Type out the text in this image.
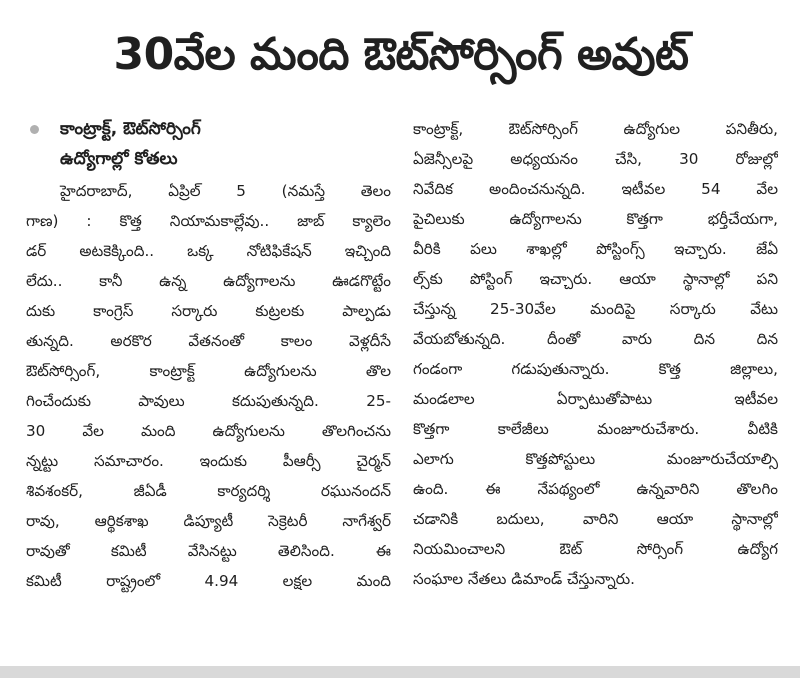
30వేల మంది ఔట్‌సోర్సింగ్ అవుట్
కాంట్రాక్ట్, ఔట్‌సోర్సింగ్
ఉద్యోగాల్లో కోతలు
హైదరాబాద్, ఏప్రిల్ 5 (నమస్తే తెలం
గాణ) : కొత్త నియామకాల్లేవు.. జాబ్ క్యాలెం
డర్ అటకెక్కింది.. ఒక్క నోటిఫికేషన్ ఇచ్చింది
లేదు.. కానీ ఉన్న ఉద్యోగాలను ఊడగొట్టేం
దుకు కాంగ్రెస్ సర్కారు కుట్రలకు పాల్పడు
తున్నది. అరకొర వేతనంతో కాలం వెళ్లదీసే
ఔట్‌సోర్సింగ్, కాంట్రాక్ట్ ఉద్యోగులను తొల
గించేందుకు పావులు కదుపుతున్నది. 25-
30 వేల మంది ఉద్యోగులను తొలగించను
న్నట్టు సమాచారం. ఇందుకు పీఆర్సీ చైర్మన్
శివశంకర్, జీఏడీ కార్యదర్శి రఘునందన్
రావు, ఆర్థికశాఖ డిప్యూటీ సెక్రెటరీ నాగేశ్వర్
రావుతో కమిటీ వేసినట్టు తెలిసింది. ఈ
కమిటీ రాష్ట్రంలో 4.94 లక్షల మంది
కాంట్రాక్ట్, ఔట్‌సోర్సింగ్ ఉద్యోగుల పనితీరు,
ఏజెన్సీలపై అధ్యయనం చేసి, 30 రోజుల్లో
నివేదిక అందించనున్నది. ఇటీవల 54 వేల
పైచిలుకు ఉద్యోగాలను కొత్తగా భర్తీచేయగా,
వీరికి పలు శాఖల్లో పోస్టింగ్స్ ఇచ్చారు. జేఏ
ల్స్‌కు పోస్టింగ్ ఇచ్చారు. ఆయా స్థానాల్లో పని
చేస్తున్న 25-30వేల మందిపై సర్కారు వేటు
వేయబోతున్నది. దీంతో వారు దిన దిన
గండంగా గడుపుతున్నారు. కొత్త జిల్లాలు,
మండలాల ఏర్పాటుతోపాటు ఇటీవల
కొత్తగా కాలేజీలు మంజూరుచేశారు. వీటికి
ఎలాగు కొత్తపోస్టులు మంజూరుచేయాల్సి
ఉంది. ఈ నేపథ్యంలో ఉన్నవారిని తొలగిం
చడానికి బదులు, వారిని ఆయా స్థానాల్లో
నియమించాలని ఔట్ సోర్సింగ్ ఉద్యోగ
సంఘాల నేతలు డిమాండ్ చేస్తున్నారు.
